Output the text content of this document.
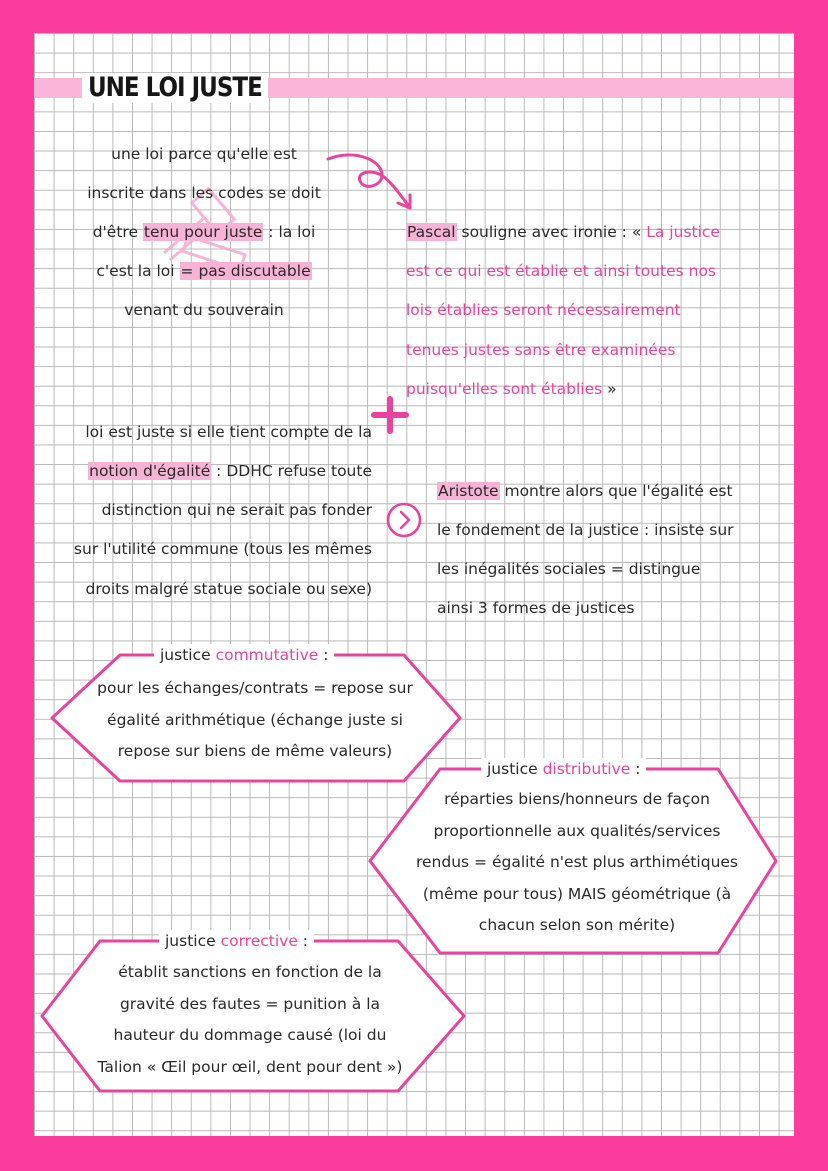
UNE LOI JUSTE
une loi parce qu'elle est
inscrite dans les codes se doit
d'être tenu pour juste : la loi
c'est la loi = pas discutable
venant du souverain
Pascal souligne avec ironie : « La justice
est ce qui est établie et ainsi toutes nos
lois établies seront nécessairement
tenues justes sans être examinées
puisqu'elles sont établies »
loi est juste si elle tient compte de la
notion d'égalité : DDHC refuse toute
distinction qui ne serait pas fonder
sur l'utilité commune (tous les mêmes
droits malgré statue sociale ou sexe)
Aristote montre alors que l'égalité est
le fondement de la justice : insiste sur
les inégalités sociales = distingue
ainsi 3 formes de justices
justice commutative :
pour les échanges/contrats = repose sur
égalité arithmétique (échange juste si
repose sur biens de même valeurs)
justice distributive :
réparties biens/honneurs de façon
proportionnelle aux qualités/services
rendus = égalité n'est plus arthimétiques
(même pour tous) MAIS géométrique (à
chacun selon son mérite)
justice corrective :
établit sanctions en fonction de la
gravité des fautes = punition à la
hauteur du dommage causé (loi du
Talion « Œil pour œil, dent pour dent »)
